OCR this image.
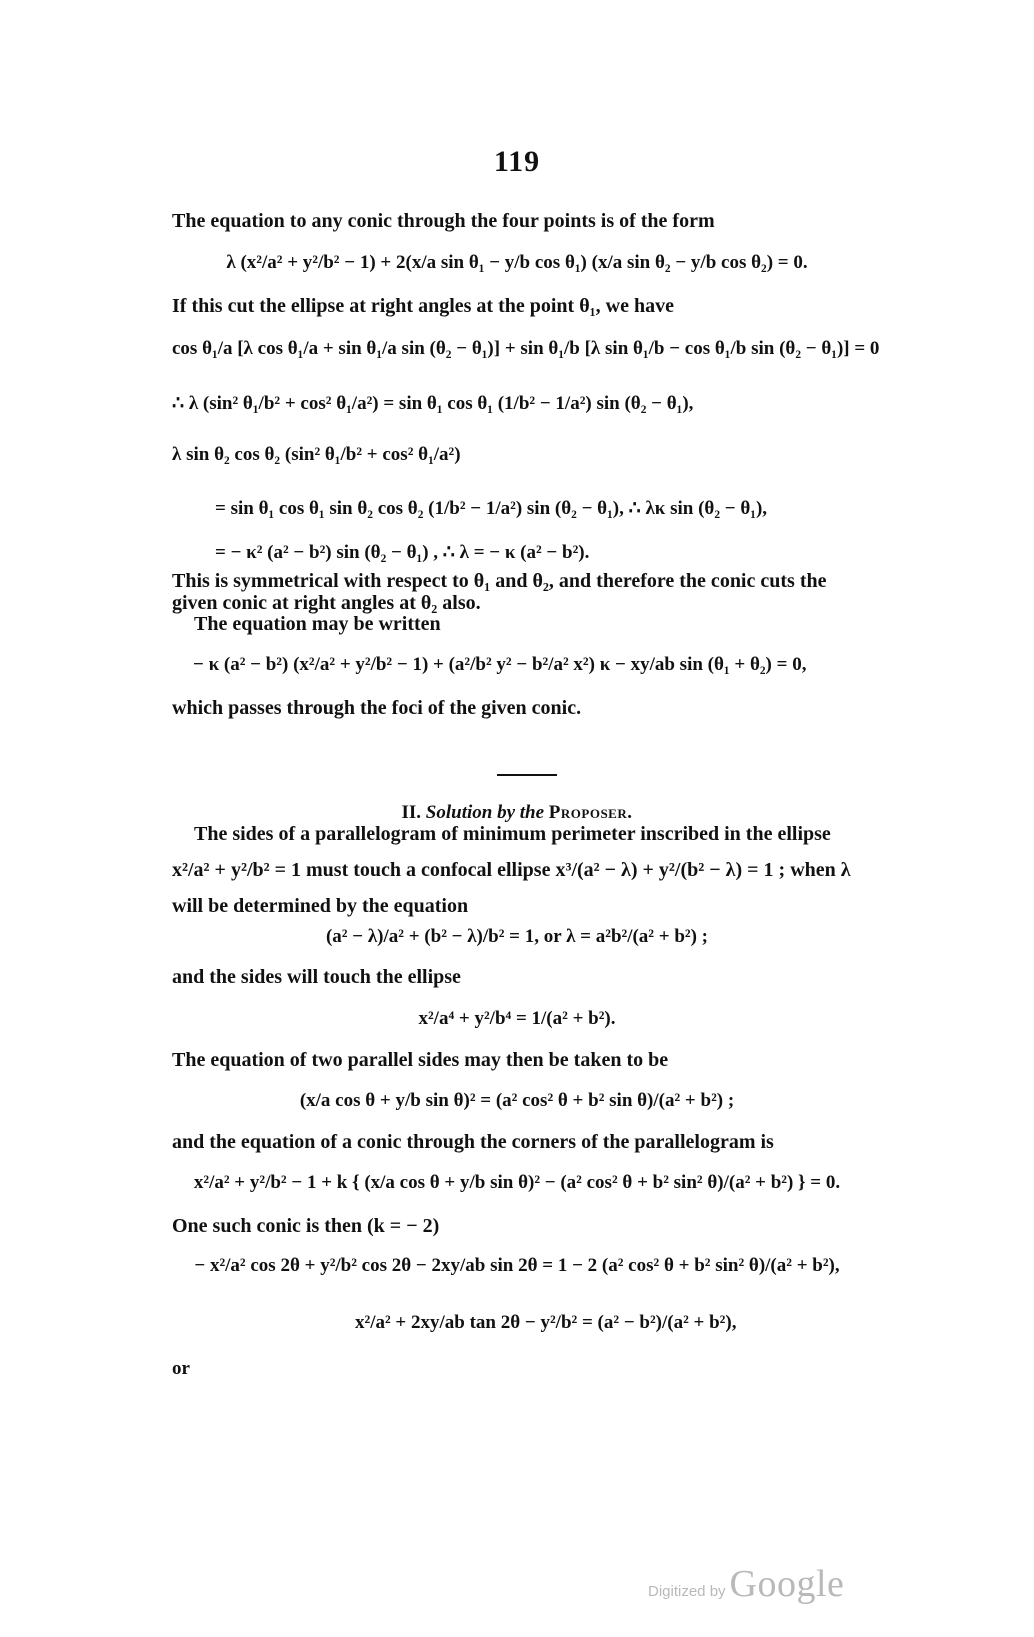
119
The equation to any conic through the four points is of the form
λ (x²/a² + y²/b² − 1) + 2(x/a sin θ₁ − y/b cos θ₁) (x/a sin θ₂ − y/b cos θ₂) = 0.
If this cut the ellipse at right angles at the point θ₁, we have
cos θ₁/a [λ cos θ₁/a + sin θ₁/a sin (θ₂ − θ₁)] + sin θ₁/b [λ sin θ₁/b − cos θ₁/b sin (θ₂ − θ₁)] = 0
∴ λ (sin² θ₁/b² + cos² θ₁/a²) = sin θ₁ cos θ₁ (1/b² − 1/a²) sin (θ₂ − θ₁),
λ sin θ₂ cos θ₂ (sin² θ₁/b² + cos² θ₁/a²)
= sin θ₁ cos θ₁ sin θ₂ cos θ₂ (1/b² − 1/a²) sin (θ₂ − θ₁), ∴ λκ sin (θ₂ − θ₁),
= − κ² (a² − b²) sin (θ₂ − θ₁) , ∴ λ = − κ (a² − b²).
This is symmetrical with respect to θ₁ and θ₂, and therefore the conic cuts the given conic at right angles at θ₂ also.
The equation may be written
− κ (a² − b²) (x²/a² + y²/b² − 1) + (a²/b² y² − b²/a² x²) κ − xy/ab sin (θ₁ + θ₂) = 0,
which passes through the foci of the given conic.
II. Solution by the Proposer.
The sides of a parallelogram of minimum perimeter inscribed in the ellipse x²/a² + y²/b² = 1 must touch a confocal ellipse x³/(a² − λ) + y²/(b² − λ) = 1 ; when λ will be determined by the equation
(a² − λ)/a² + (b² − λ)/b² = 1, or λ = a²b²/(a² + b²) ;
and the sides will touch the ellipse
x²/a⁴ + y²/b⁴ = 1/(a² + b²).
The equation of two parallel sides may then be taken to be
(x/a cos θ + y/b sin θ)² = (a² cos² θ + b² sin θ)/(a² + b²) ;
and the equation of a conic through the corners of the parallelogram is
x²/a² + y²/b² − 1 + k { (x/a cos θ + y/b sin θ)² − (a² cos² θ + b² sin² θ)/(a² + b²) } = 0.
One such conic is then (k = − 2)
− x²/a² cos 2θ + y²/b² cos 2θ − 2xy/ab sin 2θ = 1 − 2 (a² cos² θ + b² sin² θ)/(a² + b²),
or
x²/a² + 2xy/ab tan 2θ − y²/b² = (a² − b²)/(a² + b²),
Digitized by Google
